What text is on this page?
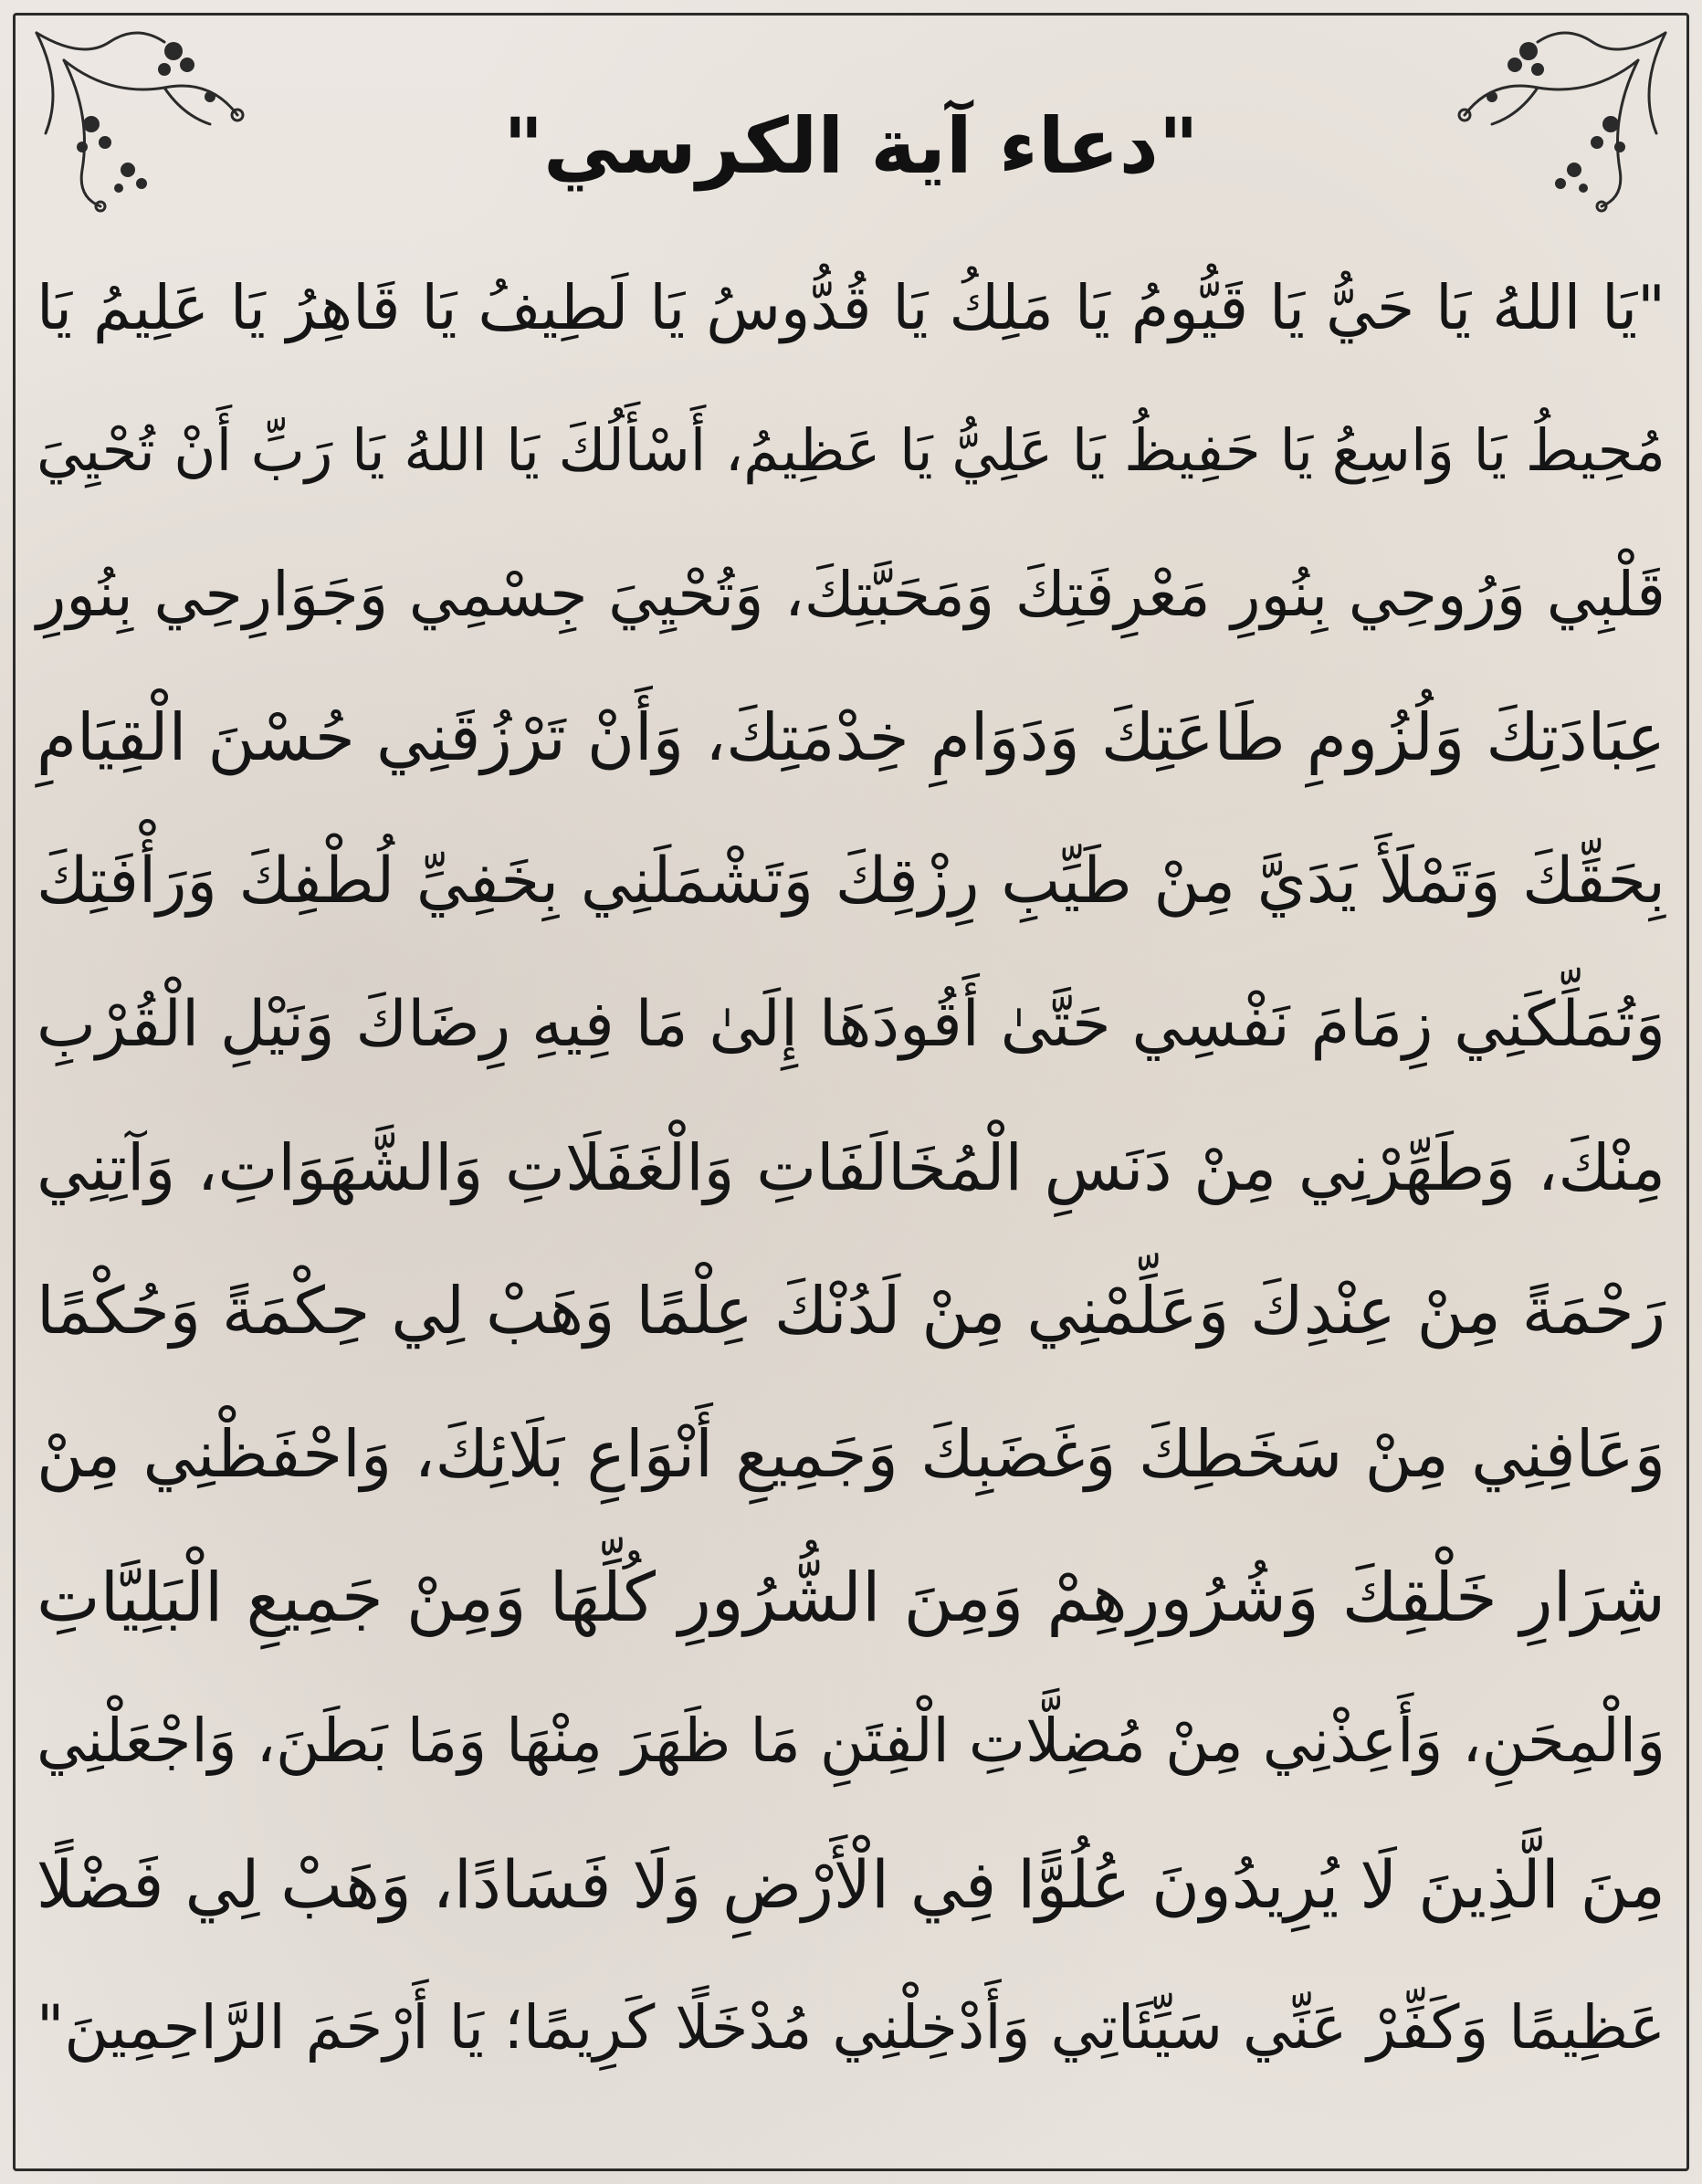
"دعاء آية الكرسي"
"يَا اللهُ يَا حَيُّ يَا قَيُّومُ يَا مَلِكُ يَا قُدُّوسُ يَا لَطِيفُ يَا قَاهِرُ يَا عَلِيمُ يَا
مُحِيطُ يَا وَاسِعُ يَا حَفِيظُ يَا عَلِيُّ يَا عَظِيمُ، أَسْأَلُكَ يَا اللهُ يَا رَبِّ أَنْ تُحْيِيَ
قَلْبِي وَرُوحِي بِنُورِ مَعْرِفَتِكَ وَمَحَبَّتِكَ، وَتُحْيِيَ جِسْمِي وَجَوَارِحِي بِنُورِ
عِبَادَتِكَ وَلُزُومِ طَاعَتِكَ وَدَوَامِ خِدْمَتِكَ، وَأَنْ تَرْزُقَنِي حُسْنَ الْقِيَامِ
بِحَقِّكَ وَتَمْلَأَ يَدَيَّ مِنْ طَيِّبِ رِزْقِكَ وَتَشْمَلَنِي بِخَفِيِّ لُطْفِكَ وَرَأْفَتِكَ
وَتُمَلِّكَنِي زِمَامَ نَفْسِي حَتَّىٰ أَقُودَهَا إِلَىٰ مَا فِيهِ رِضَاكَ وَنَيْلِ الْقُرْبِ
مِنْكَ، وَطَهِّرْنِي مِنْ دَنَسِ الْمُخَالَفَاتِ وَالْغَفَلَاتِ وَالشَّهَوَاتِ، وَآتِنِي
رَحْمَةً مِنْ عِنْدِكَ وَعَلِّمْنِي مِنْ لَدُنْكَ عِلْمًا وَهَبْ لِي حِكْمَةً وَحُكْمًا
وَعَافِنِي مِنْ سَخَطِكَ وَغَضَبِكَ وَجَمِيعِ أَنْوَاعِ بَلَائِكَ، وَاحْفَظْنِي مِنْ
شِرَارِ خَلْقِكَ وَشُرُورِهِمْ وَمِنَ الشُّرُورِ كُلِّهَا وَمِنْ جَمِيعِ الْبَلِيَّاتِ
وَالْمِحَنِ، وَأَعِذْنِي مِنْ مُضِلَّاتِ الْفِتَنِ مَا ظَهَرَ مِنْهَا وَمَا بَطَنَ، وَاجْعَلْنِي
مِنَ الَّذِينَ لَا يُرِيدُونَ عُلُوًّا فِي الْأَرْضِ وَلَا فَسَادًا، وَهَبْ لِي فَضْلًا
عَظِيمًا وَكَفِّرْ عَنِّي سَيِّئَاتِي وَأَدْخِلْنِي مُدْخَلًا كَرِيمًا؛ يَا أَرْحَمَ الرَّاحِمِينَ"
